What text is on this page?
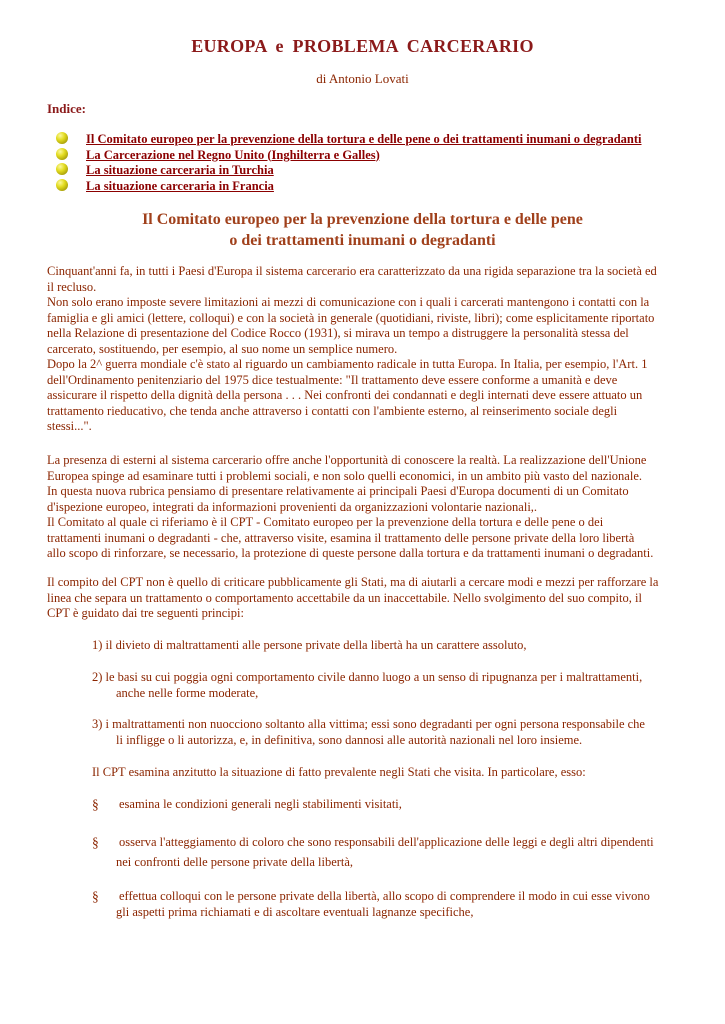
EUROPA e PROBLEMA CARCERARIO
di Antonio Lovati
Indice:
Il Comitato europeo per la prevenzione della tortura e delle pene o dei trattamenti inumani o degradanti
La Carcerazione nel Regno Unito (Inghilterra e Galles)
La situazione carceraria in Turchia
La situazione carceraria in Francia
Il Comitato europeo per la prevenzione della tortura e delle pene
o dei trattamenti inumani o degradanti
Cinquant'anni fa, in tutti i Paesi d'Europa il sistema carcerario era caratterizzato da una rigida separazione tra la società ed
il recluso.
Non solo erano imposte severe limitazioni ai mezzi di comunicazione con i quali i carcerati mantengono i contatti con la
famiglia e gli amici (lettere, colloqui) e con la società in generale (quotidiani, riviste, libri); come esplicitamente riportato
nella Relazione di presentazione del Codice Rocco (1931), si mirava un tempo a distruggere la personalità stessa del
carcerato, sostituendo, per esempio, al suo nome un semplice numero.
Dopo la 2^ guerra mondiale c'è stato al riguardo un cambiamento radicale in tutta Europa. In Italia, per esempio, l'Art. 1
dell'Ordinamento penitenziario del 1975 dice testualmente: "Il trattamento deve essere conforme a umanità e deve
assicurare il rispetto della dignità della persona . . . Nei confronti dei condannati e degli internati deve essere attuato un
trattamento rieducativo, che tenda anche attraverso i contatti con l'ambiente esterno, al reinserimento sociale degli
stessi...".
La presenza di esterni al sistema carcerario offre anche l'opportunità di conoscere la realtà. La realizzazione dell'Unione
Europea spinge ad esaminare tutti i problemi sociali, e non solo quelli economici, in un ambito più vasto del nazionale.
In questa nuova rubrica pensiamo di presentare relativamente ai principali Paesi d'Europa documenti di un Comitato
d'ispezione europeo, integrati da informazioni provenienti da organizzazioni volontarie nazionali,.
Il Comitato al quale ci riferiamo è il CPT - Comitato europeo per la prevenzione della tortura e delle pene o dei
trattamenti inumani o degradanti - che, attraverso visite, esamina il trattamento delle persone private della loro libertà
allo scopo di rinforzare, se necessario, la protezione di queste persone dalla tortura e da trattamenti inumani o degradanti.
Il compito del CPT non è quello di criticare pubblicamente gli Stati, ma di aiutarli a cercare modi e mezzi per rafforzare la
linea che separa un trattamento o comportamento accettabile da un inaccettabile. Nello svolgimento del suo compito, il
CPT è guidato dai tre seguenti principi:
1) il divieto di maltrattamenti alle persone private della libertà ha un carattere assoluto,
2) le basi su cui poggia ogni comportamento civile danno luogo a un senso di ripugnanza per i maltrattamenti,
anche nelle forme moderate,
3) i maltrattamenti non nuocciono soltanto alla vittima; essi sono degradanti per ogni persona responsabile che
li infligge o li autorizza, e, in definitiva, sono dannosi alle autorità nazionali nel loro insieme.
Il CPT esamina anzitutto la situazione di fatto prevalente negli Stati che visita. In particolare, esso:
§	esamina le condizioni generali negli stabilimenti visitati,
§	osserva l'atteggiamento di coloro che sono responsabili dell'applicazione delle leggi e degli altri dipendenti
nei confronti delle persone private della libertà,
§	effettua colloqui con le persone private della libertà, allo scopo di comprendere il modo in cui esse vivono
gli aspetti prima richiamati e di ascoltare eventuali lagnanze specifiche,
